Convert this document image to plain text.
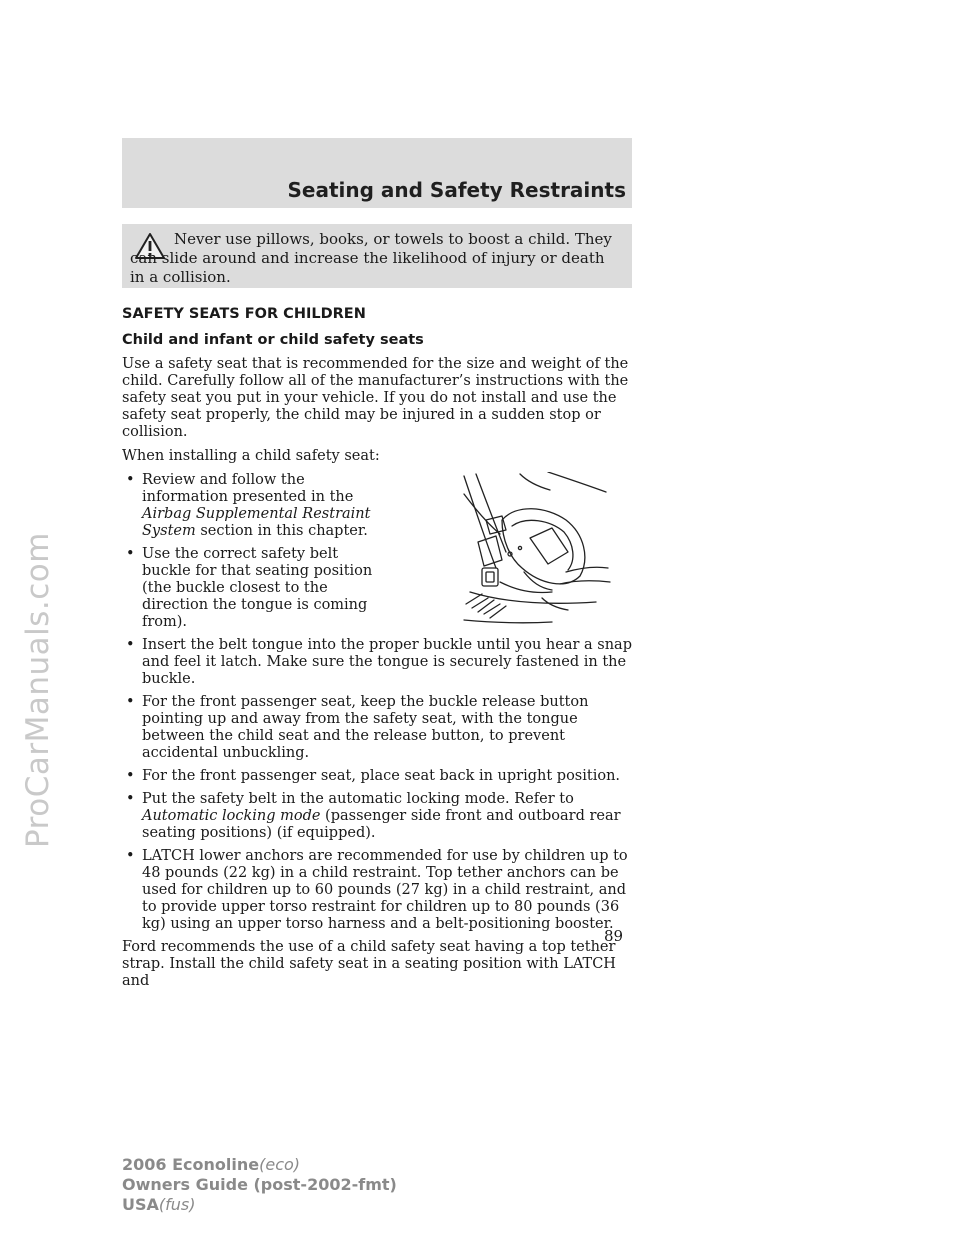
ProCarManuals.com
Seating and Safety Restraints

Never use pillows, books, or towels to boost a child. They can slide around and increase the likelihood of injury or death in a collision.

SAFETY SEATS FOR CHILDREN
Child and infant or child safety seats

Use a safety seat that is recommended for the size and weight of the child. Carefully follow all of the manufacturer’s instructions with the safety seat you put in your vehicle. If you do not install and use the safety seat properly, the child may be injured in a sudden stop or collision.

When installing a child safety seat:

• Review and follow the information presented in the Airbag Supplemental Restraint System section in this chapter.
• Use the correct safety belt buckle for that seating position (the buckle closest to the direction the tongue is coming from).
• Insert the belt tongue into the proper buckle until you hear a snap and feel it latch. Make sure the tongue is securely fastened in the buckle.
• For the front passenger seat, keep the buckle release button pointing up and away from the safety seat, with the tongue between the child seat and the release button, to prevent accidental unbuckling.
• For the front passenger seat, place seat back in upright position.
• Put the safety belt in the automatic locking mode. Refer to Automatic locking mode (passenger side front and outboard rear seating positions) (if equipped).
• LATCH lower anchors are recommended for use by children up to 48 pounds (22 kg) in a child restraint. Top tether anchors can be used for children up to 60 pounds (27 kg) in a child restraint, and to provide upper torso restraint for children up to 80 pounds (36 kg) using an upper torso harness and a belt-positioning booster.

Ford recommends the use of a child safety seat having a top tether strap. Install the child safety seat in a seating position with LATCH and

89

2006 Econoline(eco)
Owners Guide (post-2002-fmt)
USA(fus)
